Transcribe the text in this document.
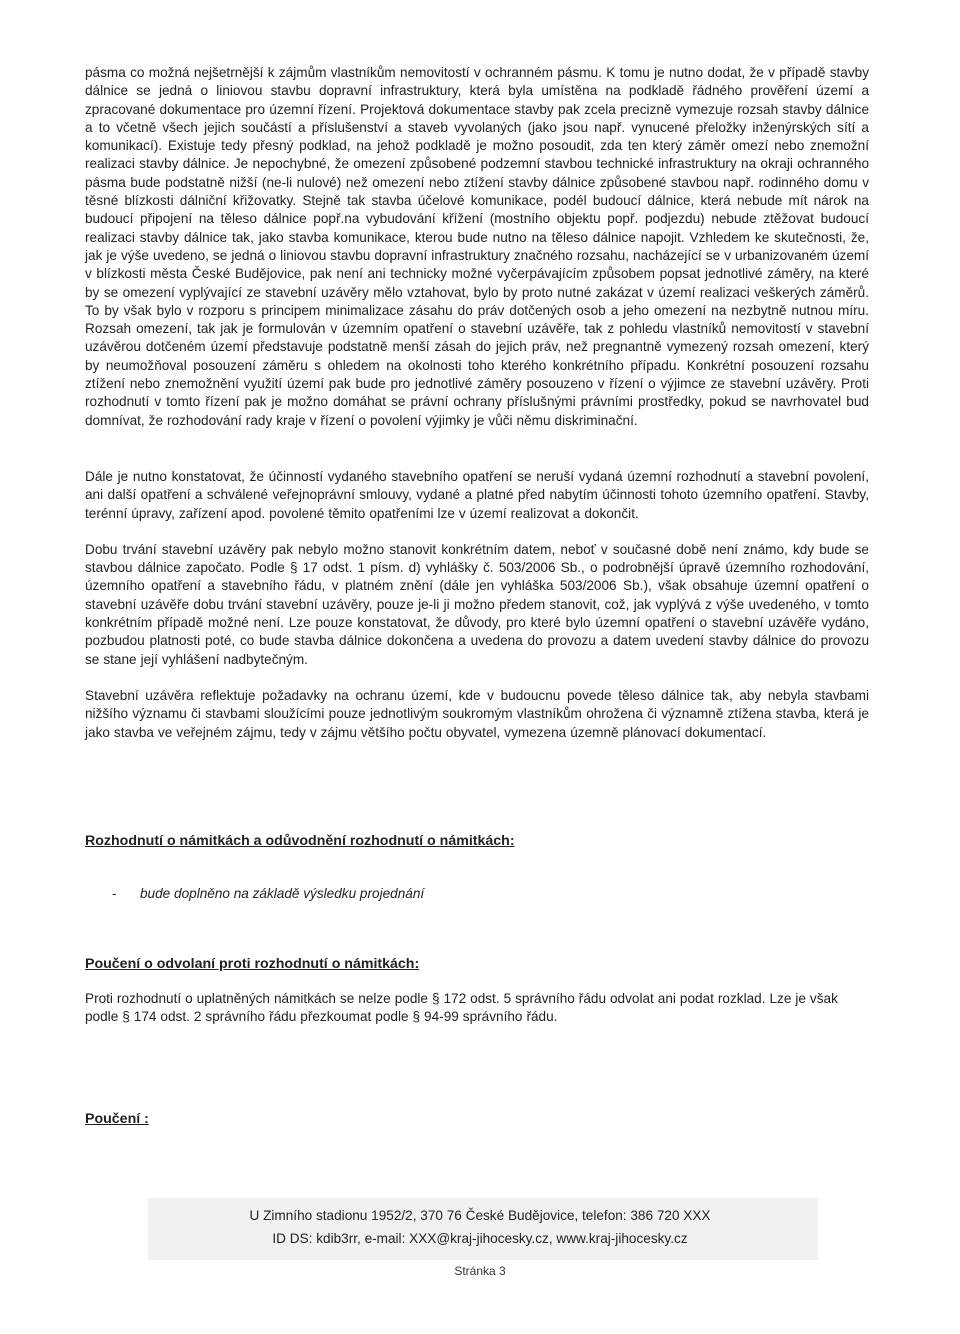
pásma co možná nejšetrnější k zájmům vlastníkům nemovitostí v ochranném pásmu. K tomu je nutno dodat, že v případě stavby dálnice se jedná o liniovou stavbu dopravní infrastruktury, která byla umístěna na podkladě řádného prověření území a zpracované dokumentace pro územní řízení. Projektová dokumentace stavby pak zcela precizně vymezuje rozsah stavby dálnice a to včetně všech jejich součástí a příslušenství a staveb vyvolaných (jako jsou např. vynucené přeložky inženýrských sítí a komunikací). Existuje tedy přesný podklad, na jehož podkladě je možno posoudit, zda ten který záměr omezí nebo znemožní realizaci stavby dálnice. Je nepochybné, že omezení způsobené podzemní stavbou technické infrastruktury na okraji ochranného pásma bude podstatně nižší (ne-li nulové) než omezení nebo ztížení stavby dálnice způsobené stavbou např. rodinného domu v těsné blízkosti dálniční křižovatky. Stejně tak stavba účelové komunikace, podél budoucí dálnice, která nebude mít nárok na budoucí připojení na těleso dálnice popř.na vybudování křížení (mostního objektu popř. podjezdu) nebude ztěžovat budoucí realizaci stavby dálnice tak, jako stavba komunikace, kterou bude nutno na těleso dálnice napojit. Vzhledem ke skutečnosti, že, jak je výše uvedeno, se jedná o liniovou stavbu dopravní infrastruktury značného rozsahu, nacházející se v urbanizovaném území v blízkosti města České Budějovice, pak není ani technicky možné vyčerpávajícím způsobem popsat jednotlivé záměry, na které by se omezení vyplývající ze stavební uzávěry mělo vztahovat, bylo by proto nutné zakázat v území realizaci veškerých záměrů. To by však bylo v rozporu s principem minimalizace zásahu do práv dotčených osob a jeho omezení na nezbytně nutnou míru. Rozsah omezení, tak jak je formulován v územním opatření o stavební uzávěře, tak z pohledu vlastníků nemovitostí v stavební uzávěrou dotčeném území představuje podstatně menší zásah do jejich práv, než pregnantně vymezený rozsah omezení, který by neumožňoval posouzení záměru s ohledem na okolnosti toho kterého konkrétního případu. Konkrétní posouzení rozsahu ztížení nebo znemožnění využití území pak bude pro jednotlivé záměry posouzeno v řízení o výjimce ze stavební uzávěry. Proti rozhodnutí v tomto řízení pak je možno domáhat se právní ochrany příslušnými právními prostředky, pokud se navrhovatel bud domnívat, že rozhodování rady kraje v řízení o povolení výjimky je vůči němu diskriminační.

Dále je nutno konstatovat, že účinností vydaného stavebního opatření se neruší vydaná územní rozhodnutí a stavební povolení, ani další opatření a schválené veřejnoprávní smlouvy, vydané a platné před nabytím účinnosti tohoto územního opatření. Stavby, terénní úpravy, zařízení apod. povolené těmito opatřeními lze v území realizovat a dokončit.

Dobu trvání stavební uzávěry pak nebylo možno stanovit konkrétním datem, neboť v současné době není známo, kdy bude se stavbou dálnice započato. Podle § 17 odst. 1 písm. d) vyhlášky č. 503/2006 Sb., o podrobnější úpravě územního rozhodování, územního opatření a stavebního řádu, v platném znění (dále jen vyhláška 503/2006 Sb.), však obsahuje územní opatření o stavební uzávěře dobu trvání stavební uzávěry, pouze je-li ji možno předem stanovit, což, jak vyplývá z výše uvedeného, v tomto konkrétním případě možné není. Lze pouze konstatovat, že důvody, pro které bylo územní opatření o stavební uzávěře vydáno, pozbudou platnosti poté, co bude stavba dálnice dokončena a uvedena do provozu a datem uvedení stavby dálnice do provozu se stane její vyhlášení nadbytečným.

Stavební uzávěra reflektuje požadavky na ochranu území, kde v budoucnu povede těleso dálnice tak, aby nebyla stavbami nižšího významu či stavbami sloužícími pouze jednotlivým soukromým vlastníkům ohrožena či významně ztížena stavba, která je jako stavba ve veřejném zájmu, tedy v zájmu většího počtu obyvatel, vymezena územně plánovací dokumentací.

Rozhodnutí o námitkách a odůvodnění rozhodnutí o námitkách:
- bude doplněno na základě výsledku projednání
Poučení o odvolaní proti rozhodnutí o námitkách:

Proti rozhodnutí o uplatněných námitkách se nelze podle § 172 odst. 5 správního řádu odvolat ani podat rozklad. Lze je však podle § 174 odst. 2 správního řádu přezkoumat podle § 94-99 správního řádu.

Poučení :
U Zimního stadionu 1952/2, 370 76 České Budějovice, telefon: 386 720 XXX
ID DS: kdib3rr, e-mail: XXX@kraj-jihocesky.cz, www.kraj-jihocesky.cz
Stránka 3
